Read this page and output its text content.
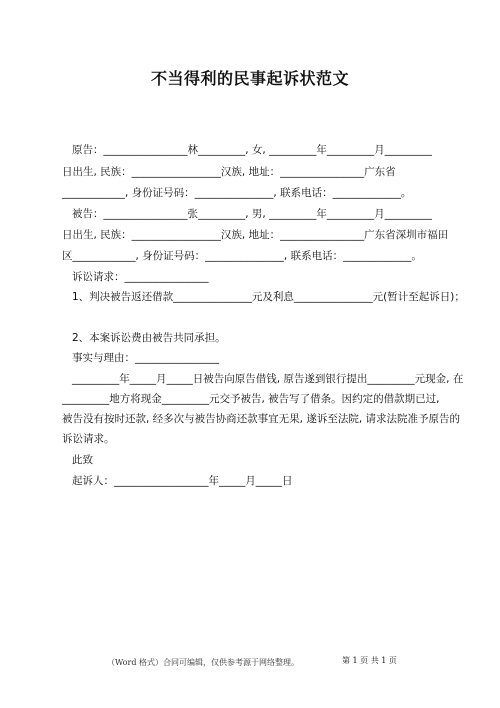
不当得利的民事起诉状范文
原告：________________林_________, 女, _________年_________月_________
日出生, 民族：_________________汉族, 地址：________________广东省
____________, 身份证号码：_______________, 联系电话：_____________。
被告：________________张_________, 男, _________年_________月_________
日出生, 民族：_________________汉族, 地址：________________广东省深圳市福田
区____________, 身份证号码：_______________, 联系电话：_____________。
诉讼请求：________________
1、判决被告返还借款_______________元及利息_______________元(暂计至起诉日)；
2、本案诉讼费由被告共同承担。
事实与理由：________________
_________年_____月_____日被告向原告借钱, 原告遂到银行提出_________元现金, 在
_________地方将现金_________元交予被告, 被告写了借条。因约定的借款期已过,
被告没有按时还款, 经多次与被告协商还款事宜无果, 遂诉至法院, 请求法院准予原告的
诉讼请求。
此致
起诉人：__________________年_____月_____日
（Word 格式）合同可编辑，仅供参考源于网络整理。	第 1 页 共 1 页
